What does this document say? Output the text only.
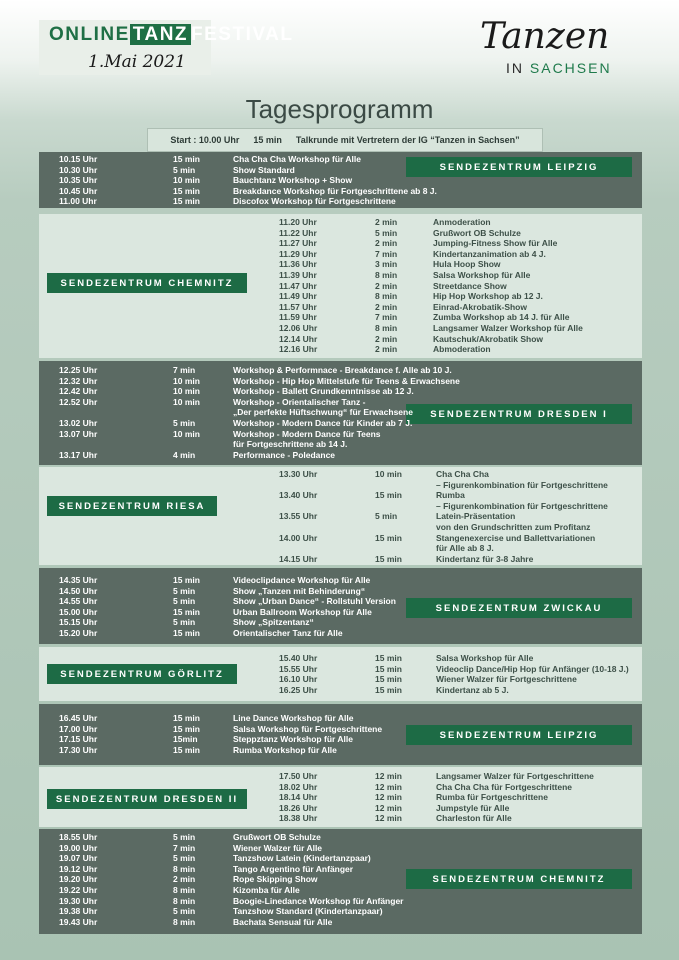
ONLINE TANZ FESTIVAL
1.Mai 2021
Tanzen
IN SACHSEN
Tagesprogramm
Start : 10.00 Uhr 15 min Talkrunde mit Vertretern der IG “Tanzen in Sachsen”
SENDEZENTRUM LEIPZIG
10.15 Uhr	15 min	Cha Cha Cha Workshop für Alle
10.30 Uhr	5 min	Show Standard
10.35 Uhr	10 min	Bauchtanz Workshop + Show
10.45 Uhr	15 min	Breakdance Workshop für Fortgeschrittene ab 8 J.
11.00 Uhr	15 min	Discofox Workshop für Fortgeschrittene
SENDEZENTRUM CHEMNITZ
11.20 Uhr	2 min	Anmoderation
11.22 Uhr	5 min	Grußwort OB Schulze
11.27 Uhr	2 min	Jumping-Fitness Show für Alle
11.29 Uhr	7 min	Kindertanzanimation ab 4 J.
11.36 Uhr	3 min	Hula Hoop Show
11.39 Uhr	8 min	Salsa Workshop für Alle
11.47 Uhr	2 min	Streetdance Show
11.49 Uhr	8 min	Hip Hop Workshop ab 12 J.
11.57 Uhr	2 min	Einrad-Akrobatik-Show
11.59 Uhr	7 min	Zumba Workshop ab 14 J. für Alle
12.06 Uhr	8 min	Langsamer Walzer Workshop für Alle
12.14 Uhr	2 min	Kautschuk/Akrobatik Show
12.16 Uhr	2 min	Abmoderation
SENDEZENTRUM DRESDEN I
12.25 Uhr	7 min	Workshop & Performnace - Breakdance f. Alle ab 10 J.
12.32 Uhr	10 min	Workshop - Hip Hop Mittelstufe für Teens & Erwachsene
12.42 Uhr	10 min	Workshop - Ballett Grundkenntnisse ab 12 J.
12.52 Uhr	10 min	Workshop - Orientalischer Tanz -
„Der perfekte Hüftschwung“ für Erwachsene
13.02 Uhr	5 min	Workshop - Modern Dance für Kinder ab 7 J.
13.07 Uhr	10 min	Workshop - Modern Dance für Teens
für Fortgeschrittene ab 14 J.
13.17 Uhr	4 min	Performance - Poledance
SENDEZENTRUM RIESA
13.30 Uhr	10 min	Cha Cha Cha
– Figurenkombination für Fortgeschrittene
13.40 Uhr	15 min	Rumba
– Figurenkombination für Fortgeschrittene
13.55 Uhr	5 min	Latein-Präsentation
von den Grundschritten zum Profitanz
14.00 Uhr	15 min	Stangenexercise und Ballettvariationen
für Alle ab 8 J.
14.15 Uhr	15 min	Kindertanz für 3-8 Jahre
SENDEZENTRUM ZWICKAU
14.35 Uhr	15 min	Videoclipdance Workshop für Alle
14.50 Uhr	5 min	Show „Tanzen mit Behinderung“
14.55 Uhr	5 min	Show „Urban Dance“ - Rollstuhl Version
15.00 Uhr	15 min	Urban Ballroom Workshop für Alle
15.15 Uhr	5 min	Show „Spitzentanz“
15.20 Uhr	15 min	Orientalischer Tanz für Alle
SENDEZENTRUM GÖRLITZ
15.40 Uhr	15 min	Salsa Workshop für Alle
15.55 Uhr	15 min	Videoclip Dance/Hip Hop für Anfänger (10-18 J.)
16.10 Uhr	15 min	Wiener Walzer für Fortgeschrittene
16.25 Uhr	15 min	Kindertanz ab 5 J.
SENDEZENTRUM LEIPZIG
16.45 Uhr	15 min	Line Dance Workshop für Alle
17.00 Uhr	15 min	Salsa Workshop für Fortgeschrittene
17.15 Uhr	15min	Steppztanz Workshop für Alle
17.30 Uhr	15 min	Rumba Workshop für Alle
SENDEZENTRUM DRESDEN II
17.50 Uhr	12 min	Langsamer Walzer für Fortgeschrittene
18.02 Uhr	12 min	Cha Cha Cha für Fortgeschrittene
18.14 Uhr	12 min	Rumba für Fortgeschrittene
18.26 Uhr	12 min	Jumpstyle für Alle
18.38 Uhr	12 min	Charleston für Alle
SENDEZENTRUM CHEMNITZ
18.55 Uhr	5 min	Grußwort OB Schulze
19.00 Uhr	7 min	Wiener Walzer für Alle
19.07 Uhr	5 min	Tanzshow Latein (Kindertanzpaar)
19.12 Uhr	8 min	Tango Argentino für Anfänger
19.20 Uhr	2 min	Rope Skipping Show
19.22 Uhr	8 min	Kizomba für Alle
19.30 Uhr	8 min	Boogie-Linedance Workshop für Anfänger
19.38 Uhr	5 min	Tanzshow Standard (Kindertanzpaar)
19.43 Uhr	8 min	Bachata Sensual für Alle
